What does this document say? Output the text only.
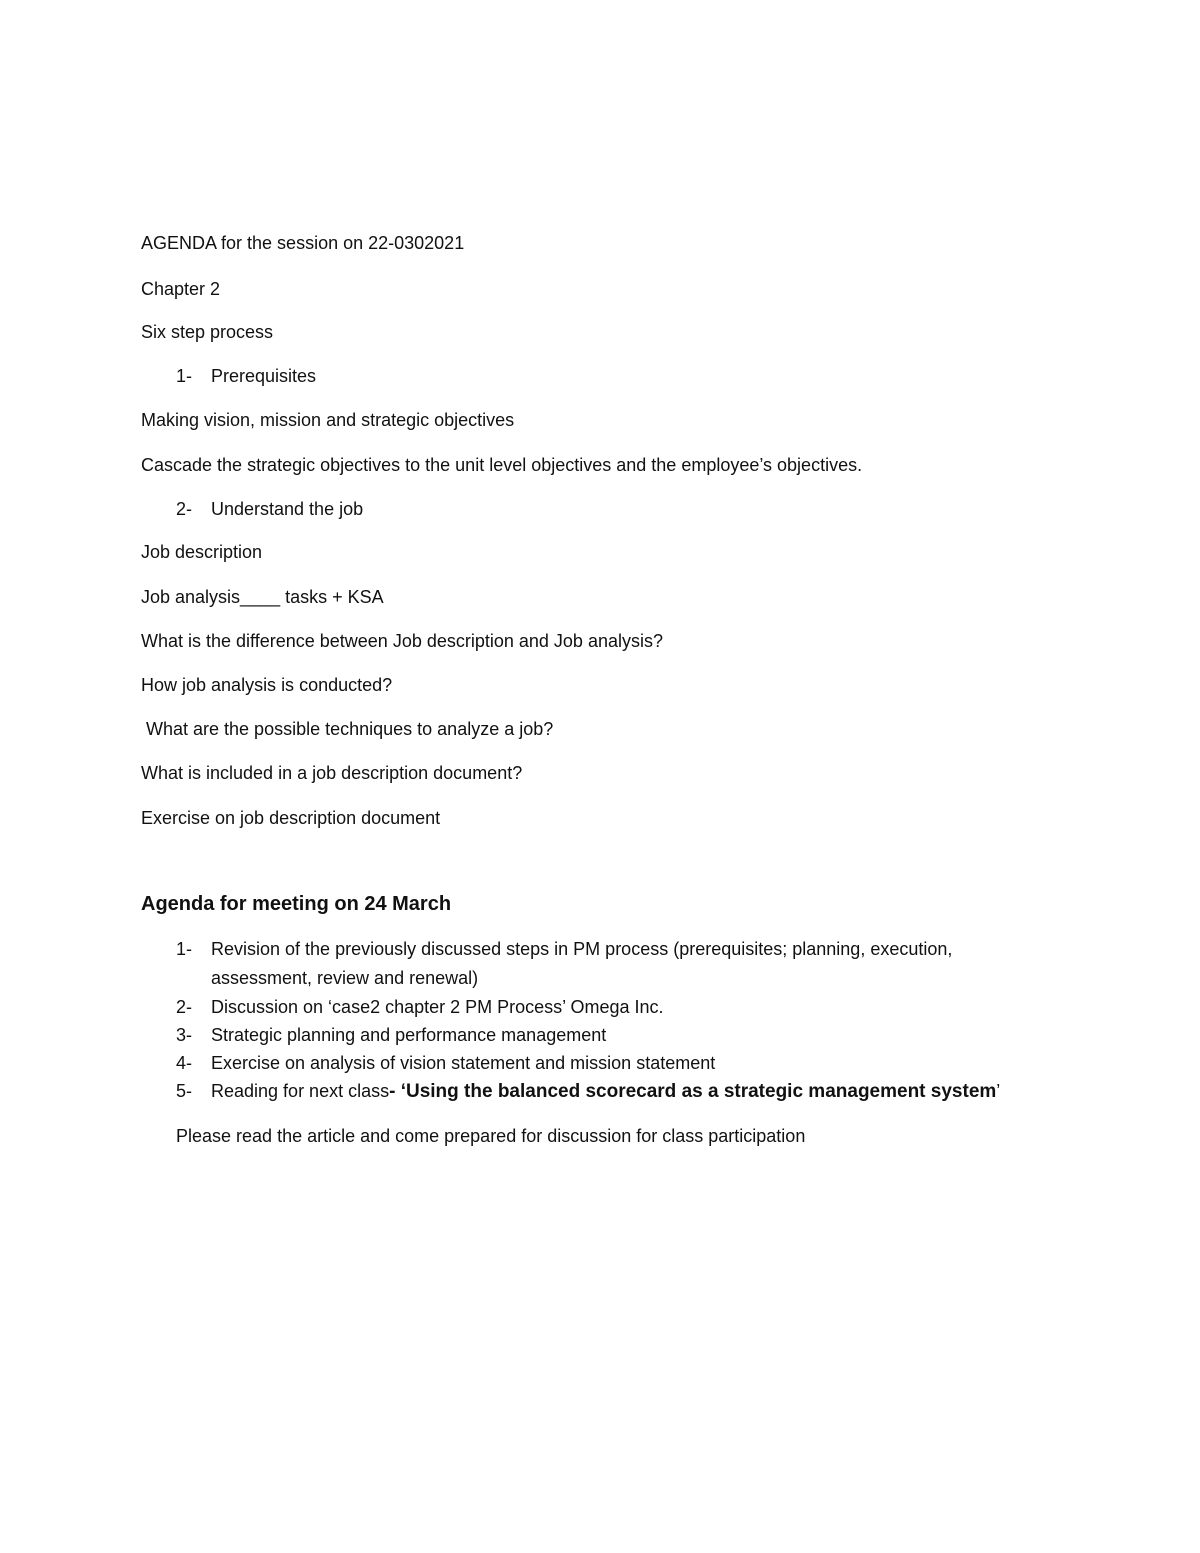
AGENDA for the session on 22-0302021
Chapter 2
Six step process
1- Prerequisites
Making vision, mission and strategic objectives
Cascade the strategic objectives to the unit level objectives and the employee’s objectives.
2- Understand the job
Job description
Job analysis____ tasks + KSA
What is the difference between Job description and Job analysis?
How job analysis is conducted?
What are the possible techniques to analyze a job?
What is included in a job description document?
Exercise on job description document
Agenda for meeting on 24 March
1- Revision of the previously discussed steps in PM process (prerequisites; planning, execution,
assessment, review and renewal)
2- Discussion on ‘case2 chapter 2 PM Process’ Omega Inc.
3- Strategic planning and performance management
4- Exercise on analysis of vision statement and mission statement
5- Reading for next class- ‘Using the balanced scorecard as a strategic management system’
Please read the article and come prepared for discussion for class participation
